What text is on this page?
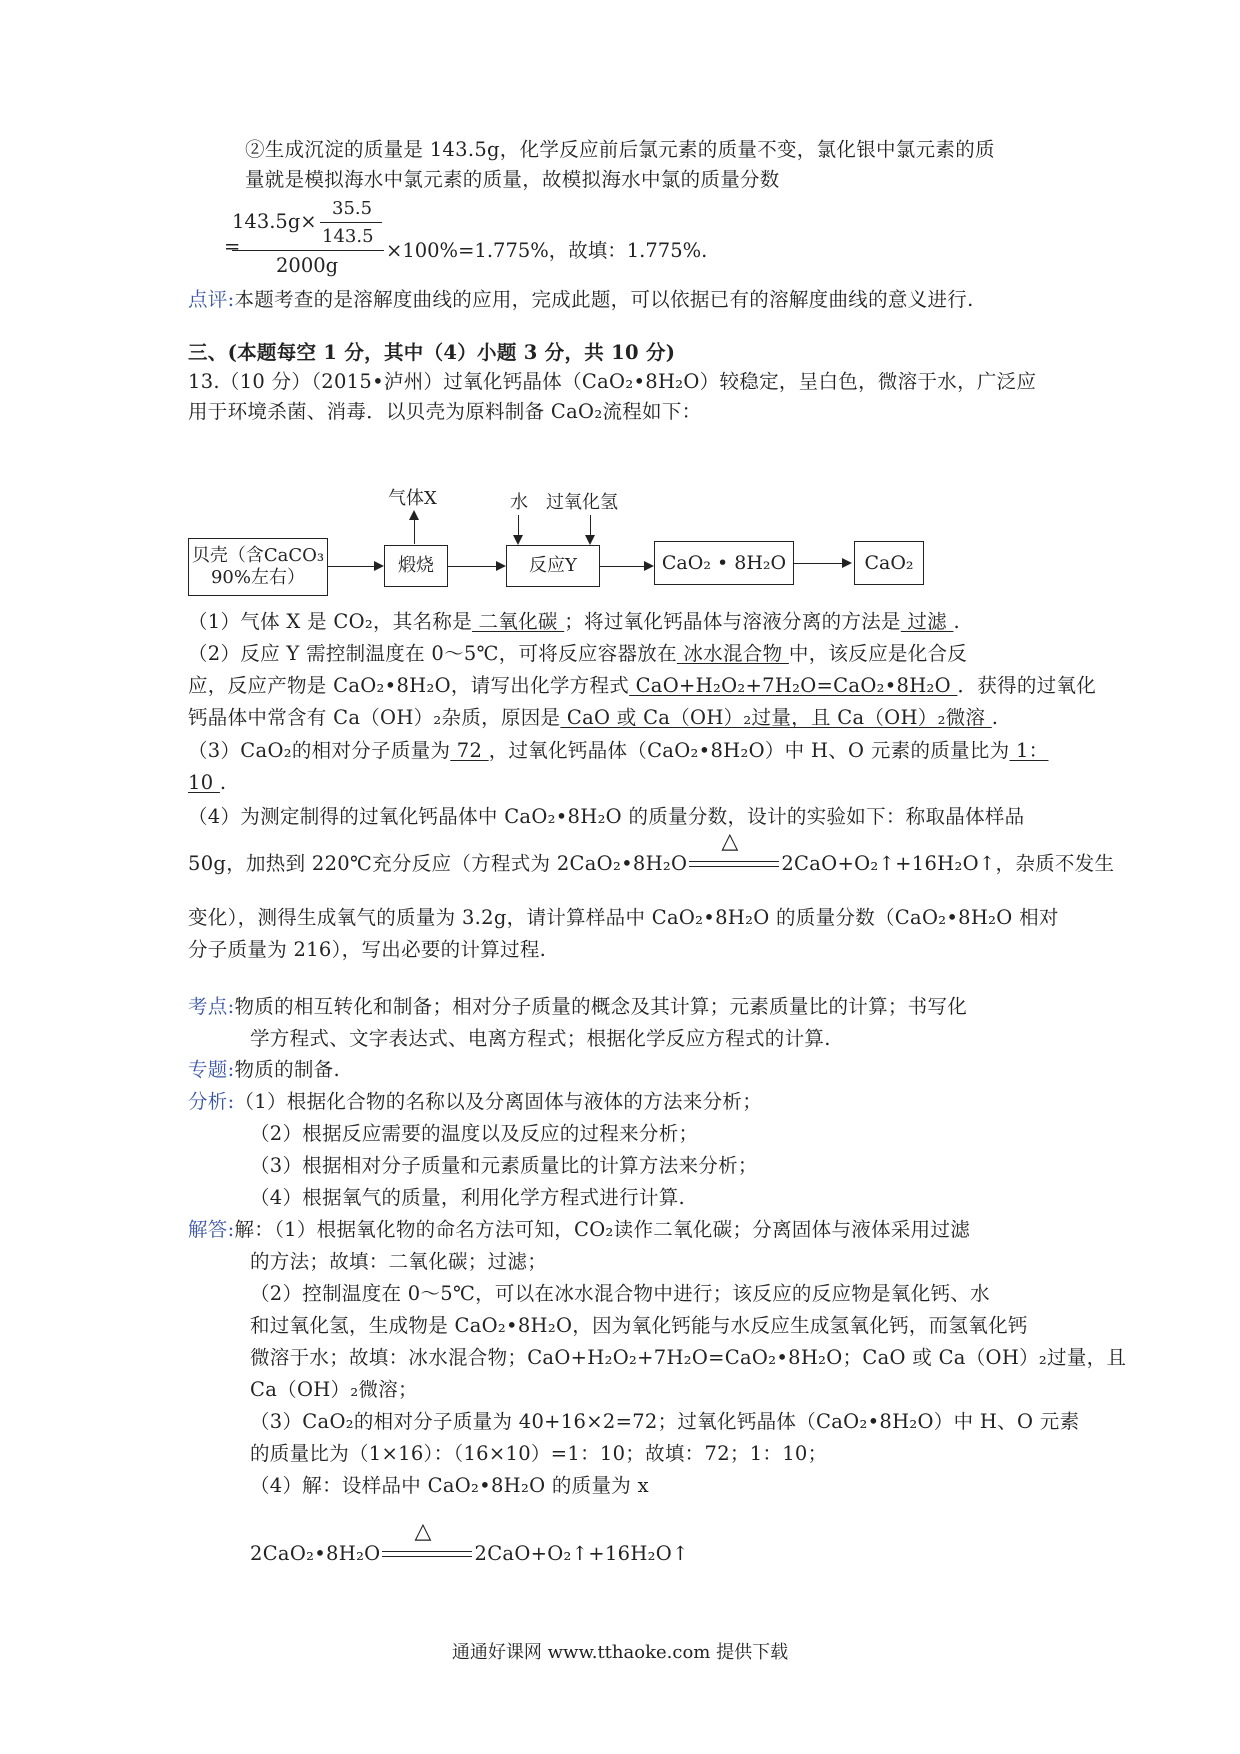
②生成沉淀的质量是 143.5g，化学反应前后氯元素的质量不变，氯化银中氯元素的质
量就是模拟海水中氯元素的质量，故模拟海水中氯的质量分数
143.5g×
35.5
143.5
=
2000g
×100%=1.775%，故填：1.775%.
点评:本题考查的是溶解度曲线的应用，完成此题，可以依据已有的溶解度曲线的意义进行.
三、(本题每空 1 分，其中（4）小题 3 分，共 10 分)
13.（10 分）（2015•泸州）过氧化钙晶体（CaO₂•8H₂O）较稳定，呈白色，微溶于水，广泛应
用于环境杀菌、消毒．以贝壳为原料制备 CaO₂流程如下：
贝壳（含CaCO₃
90%左右）
煅烧
气体X
反应Y
水 过氧化氢
CaO₂ • 8H₂O	CaO₂
（1）气体 X 是 CO₂，其名称是 二氧化碳 ；将过氧化钙晶体与溶液分离的方法是 过滤 .
（2）反应 Y 需控制温度在 0～5℃，可将反应容器放在 冰水混合物 中，该反应是化合反
应，反应产物是 CaO₂•8H₂O，请写出化学方程式 CaO+H₂O₂+7H₂O=CaO₂•8H₂O ．获得的过氧化
钙晶体中常含有 Ca（OH）₂杂质，原因是 CaO 或 Ca（OH）₂过量，且 Ca（OH）₂微溶 .
（3）CaO₂的相对分子质量为 72 ，过氧化钙晶体（CaO₂•8H₂O）中 H、O 元素的质量比为 1：
10 .
（4）为测定制得的过氧化钙晶体中 CaO₂•8H₂O 的质量分数，设计的实验如下：称取晶体样品
50g，加热到 220℃充分反应（方程式为 2CaO₂•8H₂O
△
2CaO+O₂↑+16H₂O↑，杂质不发生
变化），测得生成氧气的质量为 3.2g，请计算样品中 CaO₂•8H₂O 的质量分数（CaO₂•8H₂O 相对
分子质量为 216），写出必要的计算过程.
考点:物质的相互转化和制备；相对分子质量的概念及其计算；元素质量比的计算；书写化
学方程式、文字表达式、电离方程式；根据化学反应方程式的计算.
专题:物质的制备.
分析:（1）根据化合物的名称以及分离固体与液体的方法来分析；
（2）根据反应需要的温度以及反应的过程来分析；
（3）根据相对分子质量和元素质量比的计算方法来分析；
（4）根据氧气的质量，利用化学方程式进行计算.
解答:解：（1）根据氧化物的命名方法可知，CO₂读作二氧化碳；分离固体与液体采用过滤
的方法；故填：二氧化碳；过滤；
（2）控制温度在 0～5℃，可以在冰水混合物中进行；该反应的反应物是氧化钙、水
和过氧化氢，生成物是 CaO₂•8H₂O，因为氧化钙能与水反应生成氢氧化钙，而氢氧化钙
微溶于水；故填：冰水混合物；CaO+H₂O₂+7H₂O=CaO₂•8H₂O；CaO 或 Ca（OH）₂过量，且
Ca（OH）₂微溶；
（3）CaO₂的相对分子质量为 40+16×2=72；过氧化钙晶体（CaO₂•8H₂O）中 H、O 元素
的质量比为（1×16）：（16×10）=1：10；故填：72；1：10；
（4）解：设样品中 CaO₂•8H₂O 的质量为 x
2CaO₂•8H₂O
△
2CaO+O₂↑+16H₂O↑
通通好课网 www.tthaoke.com 提供下载
